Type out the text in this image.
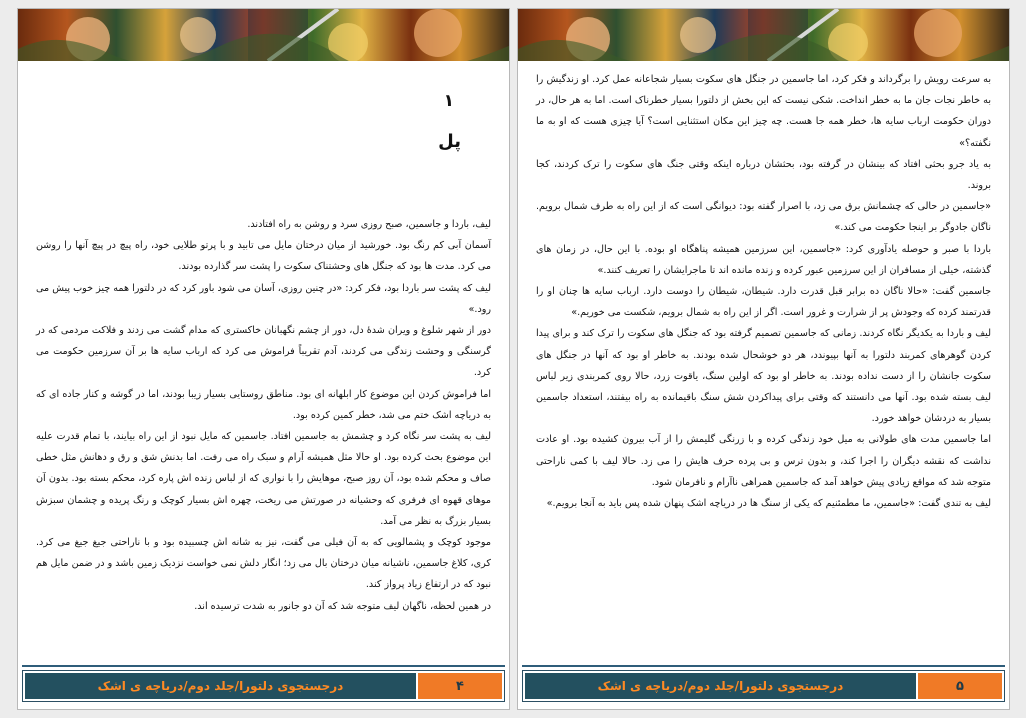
۱
پل

لیف، باردا و جاسمین، صبح روزی سرد و روشن به راه افتادند.

آسمان آبی کم رنگ بود. خورشید از میان درختان مایل می تابید و با پرتو طلایی خود، راه پیچ در پیچ آنها را روشن می کرد. مدت ها بود که جنگل های وحشتناک سکوت را پشت سر گذارده بودند.

لیف که پشت سر باردا بود، فکر کرد: «در چنین روزی، آسان می شود باور کرد که در دلتورا همه چیز خوب پیش می رود.»

دور از شهر شلوغ و ویران شدهٔ دل، دور از چشم نگهبانان خاکستری که مدام گشت می زدند و فلاکت مردمی که در گرسنگی و وحشت زندگی می کردند، آدم تقریباً فراموش می کرد که ارباب سایه ها بر آن سرزمین حکومت می کرد.

اما فراموش کردن این موضوع کار ابلهانه ای بود. مناطق روستایی بسیار زیبا بودند، اما در گوشه و کنار جاده ای که به دریاچه اشک ختم می شد، خطر کمین کرده بود.

لیف به پشت سر نگاه کرد و چشمش به جاسمین افتاد. جاسمین که مایل نبود از این راه بیایند، با تمام قدرت علیه این موضوع بحث کرده بود. او حالا مثل همیشه آرام و سبک راه می رفت. اما بدنش شق و رق و دهانش مثل خطی صاف و محکم شده بود، آن روز صبح، موهایش را با نواری که از لباس زنده اش پاره کرد، محکم بسته بود. بدون آن موهای قهوه ای فرفری که وحشیانه در صورتش می ریخت، چهره اش بسیار کوچک و رنگ پریده و چشمان سبزش بسیار بزرگ به نظر می آمد.

موجود کوچک و پشمالویی که به آن فیلی می گفت، نیز به شانه اش چسبیده بود و با ناراحتی جیغ جیغ می کرد. کری، کلاغ جاسمین، ناشیانه میان درختان بال می زد؛ انگار دلش نمی خواست نزدیک زمین باشد و در ضمن مایل هم نبود که در ارتفاع زیاد پرواز کند.

در همین لحظه، ناگهان لیف متوجه شد که آن دو جانور به شدت ترسیده اند.

درجستجوی دلتورا/جلد دوم/دریاچه ی اشک	۴

به سرعت رویش را برگرداند و فکر کرد، اما جاسمین در جنگل های سکوت بسیار شجاعانه عمل کرد. او زندگیش را به خاطر نجات جان ما به خطر انداخت. شکی نیست که این بخش از دلتورا بسیار خطرناک است. اما به هر حال، در دوران حکومت ارباب سایه ها، خطر همه جا هست. چه چیز این مکان استثنایی است؟ آیا چیزی هست که او به ما نگفته؟»

به یاد جرو بحثی افتاد که بینشان در گرفته بود، بحثشان درباره اینکه وقتی جنگ های سکوت را ترک کردند، کجا بروند.

«جاسمین در حالی که چشمانش برق می زد، با اصرار گفته بود: دیوانگی است که از این راه به طرف شمال برویم. ناگان جادوگر بر اینجا حکومت می کند.»

باردا با صبر و حوصله یادآوری کرد: «جاسمین، این سرزمین همیشه پناهگاه او بوده. با این حال، در زمان های گذشته، خیلی از مسافران از این سرزمین عبور کرده و زنده مانده اند تا ماجرایشان را تعریف کنند.»

جاسمین گفت: «حالا ناگان ده برابر قبل قدرت دارد. شیطان، شیطان را دوست دارد. ارباب سایه ها چنان او را قدرتمند کرده که وجودش پر از شرارت و غرور است. اگر از این راه به شمال برویم، شکست می خوریم.»

لیف و باردا به یکدیگر نگاه کردند. زمانی که جاسمین تصمیم گرفته بود که جنگل های سکوت را ترک کند و برای پیدا کردن گوهرهای کمربند دلتورا به آنها بپیوندد، هر دو خوشحال شده بودند. به خاطر او بود که آنها در جنگل های سکوت جانشان را از دست نداده بودند. به خاطر او بود که اولین سنگ، یاقوت زرد، حالا روی کمربندی زیر لباس لیف بسته شده بود. آنها می دانستند که وقتی برای پیداکردن شش سنگ باقیمانده به راه بیفتند، استعداد جاسمین بسیار به دردشان خواهد خورد.

اما جاسمین مدت های طولانی به میل خود زندگی کرده و با زرنگی گلیمش را از آب بیرون کشیده بود. او عادت نداشت که نقشه دیگران را اجرا کند، و بدون ترس و بی پرده حرف هایش را می زد. حالا لیف با کمی ناراحتی متوجه شد که مواقع زیادی پیش خواهد آمد که جاسمین همراهی ناآرام و نافرمان شود.

لیف به تندی گفت: «جاسمین، ما مطمئنیم که یکی از سنگ ها در دریاچه اشک پنهان شده پس باید به آنجا برویم.»

درجستجوی دلتورا/جلد دوم/دریاچه ی اشک	۵
